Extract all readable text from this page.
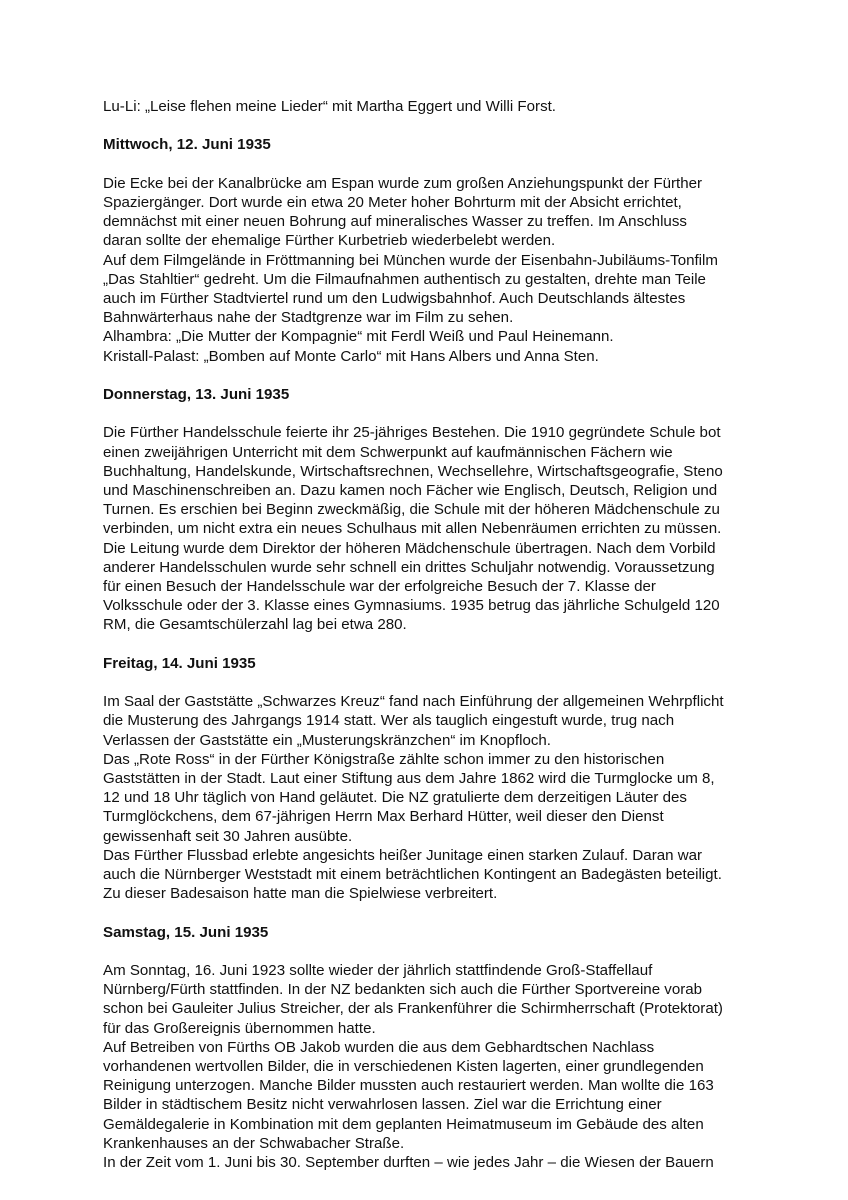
Lu-Li: „Leise flehen meine Lieder“ mit Martha Eggert und Willi Forst.

Mittwoch, 12. Juni 1935

Die Ecke bei der Kanalbrücke am Espan wurde zum großen Anziehungspunkt der Fürther

Spaziergänger. Dort wurde ein etwa 20 Meter hoher Bohrturm mit der Absicht errichtet,

demnächst mit einer neuen Bohrung auf mineralisches Wasser zu treffen. Im Anschluss

daran sollte der ehemalige Fürther Kurbetrieb wiederbelebt werden.

Auf dem Filmgelände in Fröttmanning bei München wurde der Eisenbahn-Jubiläums-Tonfilm

„Das Stahltier“ gedreht. Um die Filmaufnahmen authentisch zu gestalten, drehte man Teile

auch im Fürther Stadtviertel rund um den Ludwigsbahnhof. Auch Deutschlands ältestes

Bahnwärterhaus nahe der Stadtgrenze war im Film zu sehen.

Alhambra: „Die Mutter der Kompagnie“ mit Ferdl Weiß und Paul Heinemann.

Kristall-Palast: „Bomben auf Monte Carlo“ mit Hans Albers und Anna Sten.

Donnerstag, 13. Juni 1935

Die Fürther Handelsschule feierte ihr 25-jähriges Bestehen. Die 1910 gegründete Schule bot

einen zweijährigen Unterricht mit dem Schwerpunkt auf kaufmännischen Fächern wie

Buchhaltung, Handelskunde, Wirtschaftsrechnen, Wechsellehre, Wirtschaftsgeografie, Steno

und Maschinenschreiben an. Dazu kamen noch Fächer wie Englisch, Deutsch, Religion und

Turnen. Es erschien bei Beginn zweckmäßig, die Schule mit der höheren Mädchenschule zu

verbinden, um nicht extra ein neues Schulhaus mit allen Nebenräumen errichten zu müssen.

Die Leitung wurde dem Direktor der höheren Mädchenschule übertragen. Nach dem Vorbild

anderer Handelsschulen wurde sehr schnell ein drittes Schuljahr notwendig. Voraussetzung

für einen Besuch der Handelsschule war der erfolgreiche Besuch der 7. Klasse der

Volksschule oder der 3. Klasse eines Gymnasiums. 1935 betrug das jährliche Schulgeld 120

RM, die Gesamtschülerzahl lag bei etwa 280.

Freitag, 14. Juni 1935

Im Saal der Gaststätte „Schwarzes Kreuz“ fand nach Einführung der allgemeinen Wehrpflicht

die Musterung des Jahrgangs 1914 statt. Wer als tauglich eingestuft wurde, trug nach

Verlassen der Gaststätte ein „Musterungskränzchen“ im Knopfloch.

Das „Rote Ross“ in der Fürther Königstraße zählte schon immer zu den historischen

Gaststätten in der Stadt. Laut einer Stiftung aus dem Jahre 1862 wird die Turmglocke um 8,

12 und 18 Uhr täglich von Hand geläutet. Die NZ gratulierte dem derzeitigen Läuter des

Turmglöckchens, dem 67-jährigen Herrn Max Berhard Hütter, weil dieser den Dienst

gewissenhaft seit 30 Jahren ausübte.

Das Fürther Flussbad erlebte angesichts heißer Junitage einen starken Zulauf. Daran war

auch die Nürnberger Weststadt mit einem beträchtlichen Kontingent an Badegästen beteiligt.

Zu dieser Badesaison hatte man die Spielwiese verbreitert.

Samstag, 15. Juni 1935

Am Sonntag, 16. Juni 1923 sollte wieder der jährlich stattfindende Groß-Staffellauf

Nürnberg/Fürth stattfinden. In der NZ bedankten sich auch die Fürther Sportvereine vorab

schon bei Gauleiter Julius Streicher, der als Frankenführer die Schirmherrschaft (Protektorat)

für das Großereignis übernommen hatte.

Auf Betreiben von Fürths OB Jakob wurden die aus dem Gebhardtschen Nachlass

vorhandenen wertvollen Bilder, die in verschiedenen Kisten lagerten, einer grundlegenden

Reinigung unterzogen. Manche Bilder mussten auch restauriert werden. Man wollte die 163

Bilder in städtischem Besitz nicht verwahrlosen lassen. Ziel war die Errichtung einer

Gemäldegalerie in Kombination mit dem geplanten Heimatmuseum im Gebäude des alten

Krankenhauses an der Schwabacher Straße.

In der Zeit vom 1. Juni bis 30. September durften – wie jedes Jahr – die Wiesen der Bauern
